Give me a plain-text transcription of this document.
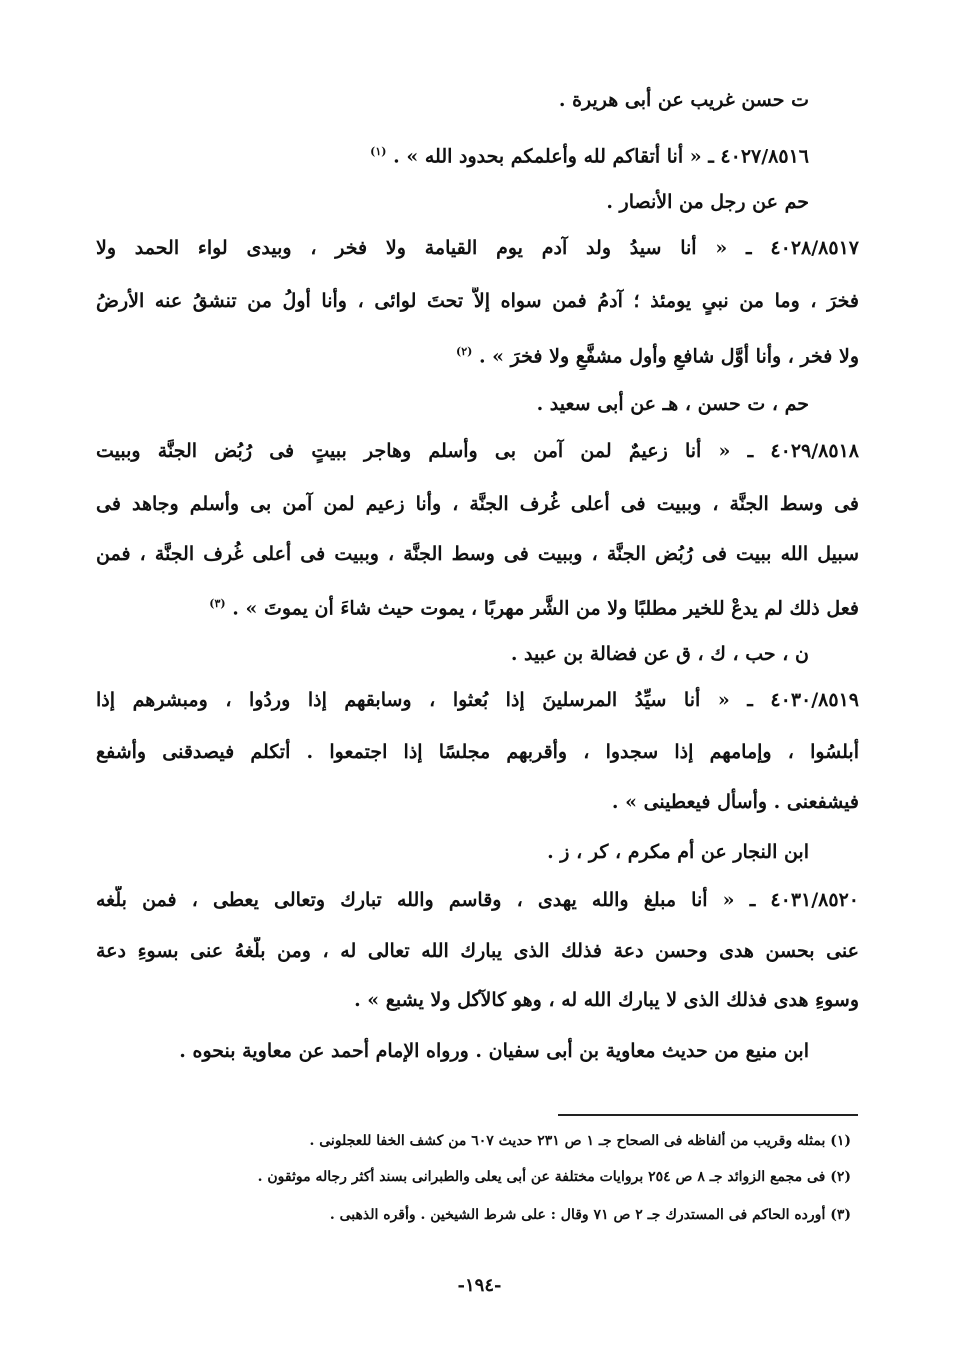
ت حسن غريب عن أبى هريرة .
٤٠٢٧/٨٥١٦ ـ « أنا أتقاكم لله وأعلمكم بحدود الله » . $^{(١)}$
حم عن رجل من الأنصار .
٤٠٢٨/٨٥١٧ ـ « أنا سيدُ ولد آدم يوم القيامة ولا فخر ، وبيدى لواء الحمد ولا
فخرَ ، وما من نبىٍ يومئذ ؛ آدمُ فمن سواه إلاَّ تحتَ لوائى ، وأنا أولُ من تنشقُ عنه الأرضُ
ولا فخر ، وأنا أوَّل شافعٍ وأول مشفَّعٍ ولا فخرَ » . $^{(٢)}$
حم ، ت حسن ، هـ عن أبى سعيد .
٤٠٢٩/٨٥١٨ ـ « أنا زعيمٌ لمن آمن بى وأسلم وهاجر ببيتٍ فى رُبُض الجنَّة وببيت
فى وسط الجنَّة ، وببيت فى أعلى غُرف الجنَّة ، وأنا زعيم لمن آمن بى وأسلم وجاهد فى
سبيل الله ببيت فى رُبُض الجنَّة ، وببيت فى وسط الجنَّة ، وببيت فى أعلى غُرف الجنَّة ، فمن
فعل ذلك لم يدعْ للخير مطلبًا ولا من الشَّر مهربًا ، يموت حيث شاءَ أن يموتَ » . $^{(٣)}$
ن ، حب ، ك ، ق عن فضالة بن عبيد .
٤٠٣٠/٨٥١٩ ـ « أنا سيِّدُ المرسلينَ إذا بُعثوا ، وسابقهم إذا وردُوا ، ومبشرهم إذا
أبلسُوا ، وإمامهم إذا سجدوا ، وأقربهم مجلسًا إذا اجتمعوا . أتكلم فيصدقنى وأشفع
فيشفعنى . وأسأل فيعطينى » .
ابن النجار عن أم مكرم ، كر ، ز .
٤٠٣١/٨٥٢٠ ـ « أنا مبلغ والله يهدى ، وقاسم والله تبارك وتعالى يعطى ، فمن بلَّغه
عنى بحسن هدى وحسن دعة فذلك الذى يبارك الله تعالى له ، ومن بلَّغهُ عنى بسوءِ دعة
وسوءِ هدى فذلك الذى لا يبارك الله له ، وهو كالآكل ولا يشبع » .
ابن منيع من حديث معاوية بن أبى سفيان . ورواه الإمام أحمد عن معاوية بنحوه .
(١) بمثله وقريب من ألفاظه فى الصحاح جـ ١ ص ٢٣١ حديث ٦٠٧ من كشف الخفا للعجلونى .
(٢) فى مجمع الزوائد جـ ٨ ص ٢٥٤ بروايات مختلفة عن أبى يعلى والطبرانى بسند أكثر رجاله موثقون .
(٣) أورده الحاكم فى المستدرك جـ ٢ ص ٧١ وقال : على شرط الشيخين . وأقره الذهبى .
-١٩٤-
